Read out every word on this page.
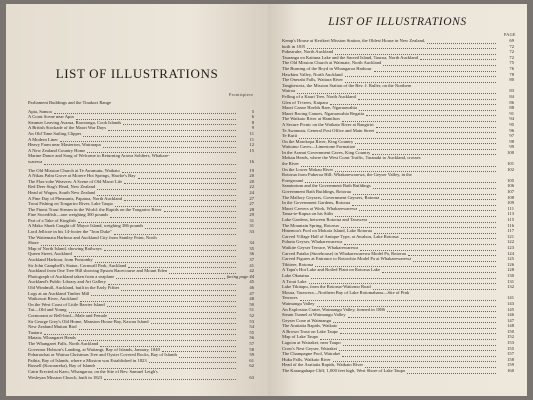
LIST OF ILLUSTRATIONS
Frontispiece
Parliament Buildings and the Tinakori Range
Apia, Samoa	5
A Coast Scene near Apia	6
Steamer Leaving Avarua, Rarotonga, Cook Islands	8
A British Stockade of the Maori War Days	9
An Old Time Sailing Clipper	11
A Modern Liner	11
Heavy Farm near Masterton, Wairarapa	12
A New Zealand Country Home	15
Marine Dance and Song of Welcome to Returning Arawa Soldiers, Whakare-
warewa	16
The Old Mission Church at Te Awamutu, Waikato	19
A Nikau Palm Grove at Morere Hot Springs, Hawke's Bay	20
The Flax-robe Weavers: A Scene of Old Maori Life	20
Red Deer Stag's Head, New Zealand	22
Head of Wagon, South New Zealand	24
A Fine Day of Pheasants, Papatoa, North Auckland	27
Trout Fishing on Tongariro River, Lake Taupo	27
The Finest Trout Stream in the World: the Rapids on the Tongariro River	28
Fine Swordfish—one weighing 300 pounds	29
Part of a Take of Kingfish	31
A Mako Shark Caught off Mayor Island, weighing 386 pounds	31
Lord Jellicoe in his 14-footer the "Iron Duke"	33
The Waitemata Harbour and Auckland City from Stanley Point, North
Shore	34
Map of North Island, showing Railways	35
Queen Street, Auckland	36
Auckland Harbour, from Ponsonby	37
Sir John Campbell's Statue, Cornwall Park, Auckland	41
Auckland from One Tree Hill showing Epsom Racecourse and Mount Eden	42
Photograph of Auckland taken from a seaplane	facing page 44
Auckland's Public Library and Art Gallery	45
Old Windmill, Auckland, built in the Early Fifties	46
Logs at an Auckland Timber Mill	47
Waikowai River, Auckland	48
On the West Coast of Little Barrier Island	50
Tui—Old and Young	51
Cormorant or Bell-bird—Male and Female	52
Sir George Grey's Old Home, Mansion House Bay, Kawau Island	53
New Zealand Mutton Bird	54
Tuatara	55
Matata, Whangarei Heads	56
The Whangarei Falls, North Auckland	57
Governor Hobson's Landing, at Waitangi, Bay of Islands, January, 1840	58
Poharawhai or Wairua Christmas Tree and Oyster Covered Rocks, Bay of Islands	59
Paihia, Bay of Islands, where a Mission was Established in 1823	61
Russell (Kororareka), Bay of Islands	62
Cairn Erected at Kaeo, Whangaroa, on the Site of Rev. Samuel Leigh's
Wesleyan Mission Church, built in 1823	63
LIST OF ILLUSTRATIONS
PAGE
Kemp's House at Kerikeri Mission Station, the Oldest House in New Zealand,	69
built in 1819	72
Pukearuhe, North Auckland	72
Tauranga on Kaituna Lake and the Sacred Island, Tauroa, North Auckland	72
The Old Mission Church at Waimate, North Auckland	75
The Burning of the Boyd in Whangaroa Harbour	76
Hawkins Valley, North Auckland	78
The Onerahi Falls, Waitara River	80
Tangiteroria, the Mission Station of the Rev. J. Buller, on the Northern
Wairoa	83
Felling of a Kauri Tree, North Auckland	84
Glen of Ti-trees, Kaipara	86
Maori Canoe Hoelds Rare, Ngaruawahia	88
Maori Racing Canoes, Ngaruawahia Regatta	91
The Waikato River at Hamilton	94
A Secure Picnic on the Waikato River at Rangiriri	95
Te Awamutu, General Post Office and Main Street	96
Te Kuiti	97
On the Marokopa River, King Country	98
Waitomo Caves—Limestone Formation	99
In the Aranui Government Caves, King Country	100
Mokau Heads, where the West Coast Traffic, Taranaki to Auckland, crosses
the River	101
On the Lower Mokau River	102
Rotorua from Pukeroa Hill: Whakarewarewa, the Geyser Valley, in the
Foreground	105
Sanatorium and the Government Bath Buildings	106
Government Bath Buildings, Rotorua	107
The Mallory Geysers, Government Geysers, Rotorua	108
In the Government Gardens, Rotorua	109
Maori Carvers at Work, Whakarewarewa	111
Tama-te-Kapua on his Stilts	113
Lake Gardens, between Rotorua and Tarawera	115
The Mountain Spring, Rotorua	116
Hinemoa's Pool on Mokoia Island, Lake Rotorua	117
Carved Village Hall of Antique Type, at Awahou, Lake Rotorua	121
Pohutu Geyser, Whakarewarewa	122
Waikite Geyser Terrace, Whakarewarewa	123
Carved Pataka (Storehouse) in Whakarewarewa Model Pa, Rotorua	124
Carved Figures at Entrance to Rotowhio Model Pa at Whakarewarewa	125
Tikitere, Rotorua	126
A Tapu's Hot Lake and Boiled Plant on Rotorua Lake	128
Lake Okataina	130
A Trout Lake	131
Lake Tikitapu, from the Rotorua-Waitomo Road	132
Moura, Tarawera—Northern Bay of Lake Rotomahana—Site of Pink
Terraces	141
Waimangu Valley	143
An Explosion Crater, Waimangu Valley, formed in 1886	145
Steam Tunnel at Waimangu Valley	146
Geyser Cone at Waimangu	147
The Aratiatia Rapids, Waikato	148
A Brown Trout on Lake Taupo	150
Map of Lake Taupo	152
Lagoon at Wairakei, near Taupo	153
Crow's Nest Geyser, Wairakei	155
The Champagne Pool, Wairakei	157
Huka Falls, Waikato River	158
Head of the Aratiatia Rapids, Waikato River	159
The Karangahape Cliff, 1,000 feet high, West Shore of Lake Taupo	160
